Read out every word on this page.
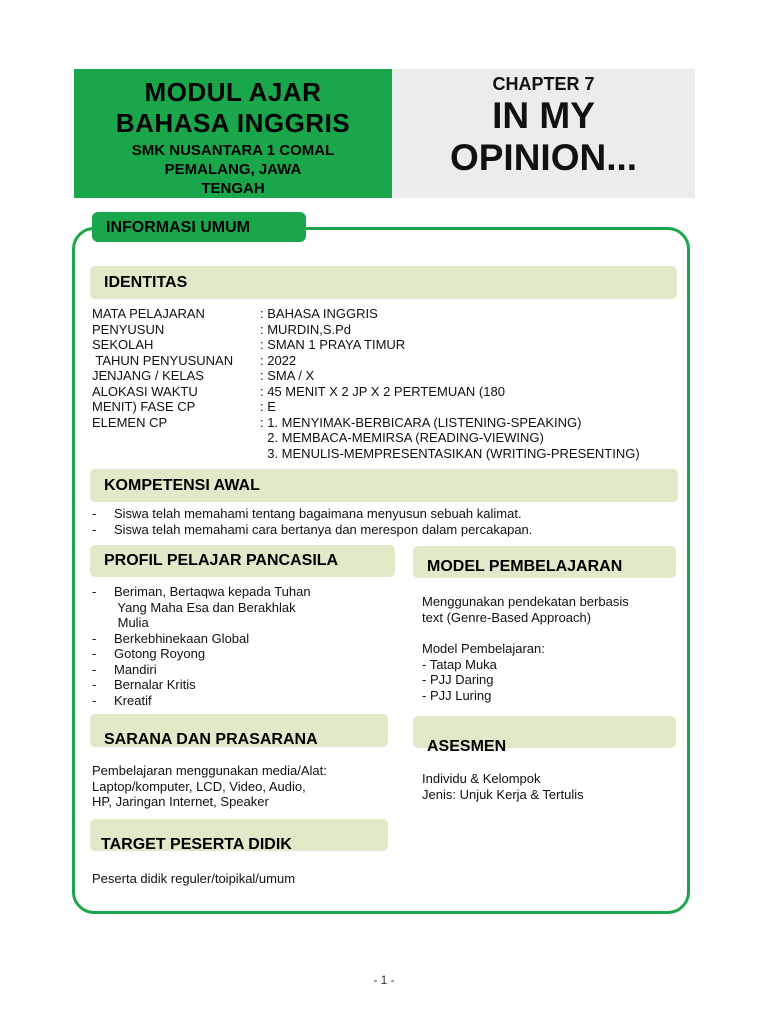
MODUL AJAR
BAHASA INGGRIS
SMK NUSANTARA 1 COMAL
PEMALANG, JAWA
TENGAH
CHAPTER 7
IN MY
OPINION...
INFORMASI UMUM
IDENTITAS
MATA PELAJARAN	: BAHASA INGGRIS
PENYUSUN	: MURDIN,S.Pd
SEKOLAH	: SMAN 1 PRAYA TIMUR
TAHUN PENYUSUNAN	: 2022
JENJANG / KELAS	: SMA / X
ALOKASI WAKTU	: 45 MENIT X 2 JP X 2 PERTEMUAN (180
MENIT) FASE CP	: E
ELEMEN CP	: 1. MENYIMAK-BERBICARA (LISTENING-SPEAKING)
2. MEMBACA-MEMIRSA (READING-VIEWING)
3. MENULIS-MEMPRESENTASIKAN (WRITING-PRESENTING)
KOMPETENSI AWAL
-	Siswa telah memahami tentang bagaimana menyusun sebuah kalimat.
-	Siswa telah memahami cara bertanya dan merespon dalam percakapan.
PROFIL PELAJAR PANCASILA
-	Beriman, Bertaqwa kepada Tuhan
Yang Maha Esa dan Berakhlak
Mulia
-	Berkebhinekaan Global
-	Gotong Royong
-	Mandiri
-	Bernalar Kritis
-	Kreatif
MODEL PEMBELAJARAN
Menggunakan pendekatan berbasis
text (Genre-Based Approach)
Model Pembelajaran:
- Tatap Muka
- PJJ Daring
- PJJ Luring
SARANA DAN PRASARANA
Pembelajaran menggunakan media/Alat:
Laptop/komputer, LCD, Video, Audio,
HP, Jaringan Internet, Speaker
ASESMEN
Individu & Kelompok
Jenis: Unjuk Kerja & Tertulis
TARGET PESERTA DIDIK
Peserta didik reguler/toipikal/umum
- 1 -
